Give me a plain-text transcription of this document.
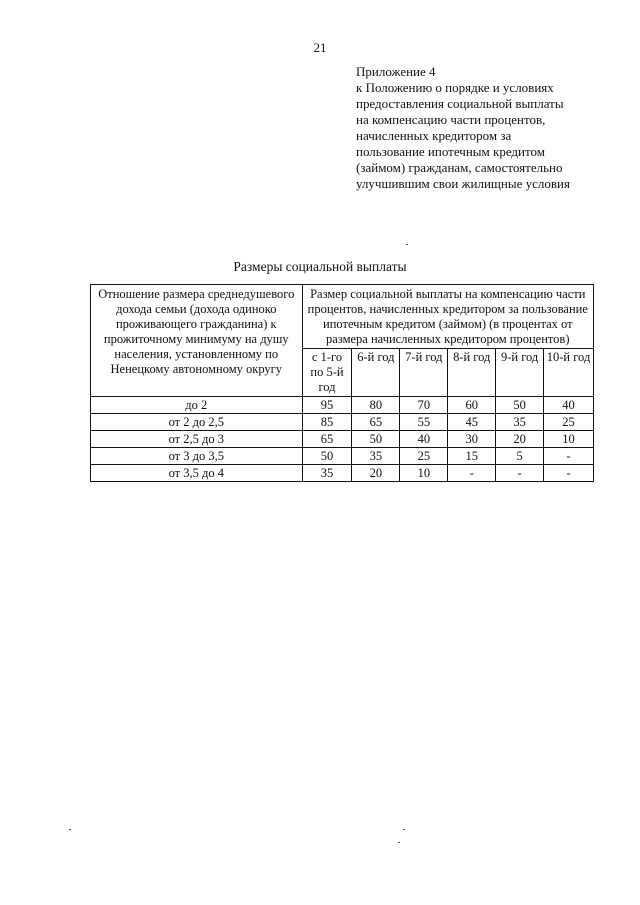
21
Приложение 4
к Положению о порядке и условиях
предоставления социальной выплаты
на компенсацию части процентов,
начисленных кредитором за
пользование ипотечным кредитом
(займом) гражданам, самостоятельно
улучшившим свои жилищные условия
Размеры социальной выплаты
Отношение размера среднедушевого дохода семьи (дохода одиноко проживающего гражданина) к прожиточному минимуму на душу населения, установленному по Ненецкому автономному округу	Размер социальной выплаты на компенсацию части процентов, начисленных кредитором за пользование ипотечным кредитом (займом) (в процентах от размера начисленных кредитором процентов)					
	с 1-го по 5-й год	6-й год	7-й год	8-й год	9-й год	10-й год
до 2	95	80	70	60	50	40
от 2 до 2,5	85	65	55	45	35	25
от 2,5 до 3	65	50	40	30	20	10
от 3 до 3,5	50	35	25	15	5	-
от 3,5 до 4	35	20	10	-	-	-
